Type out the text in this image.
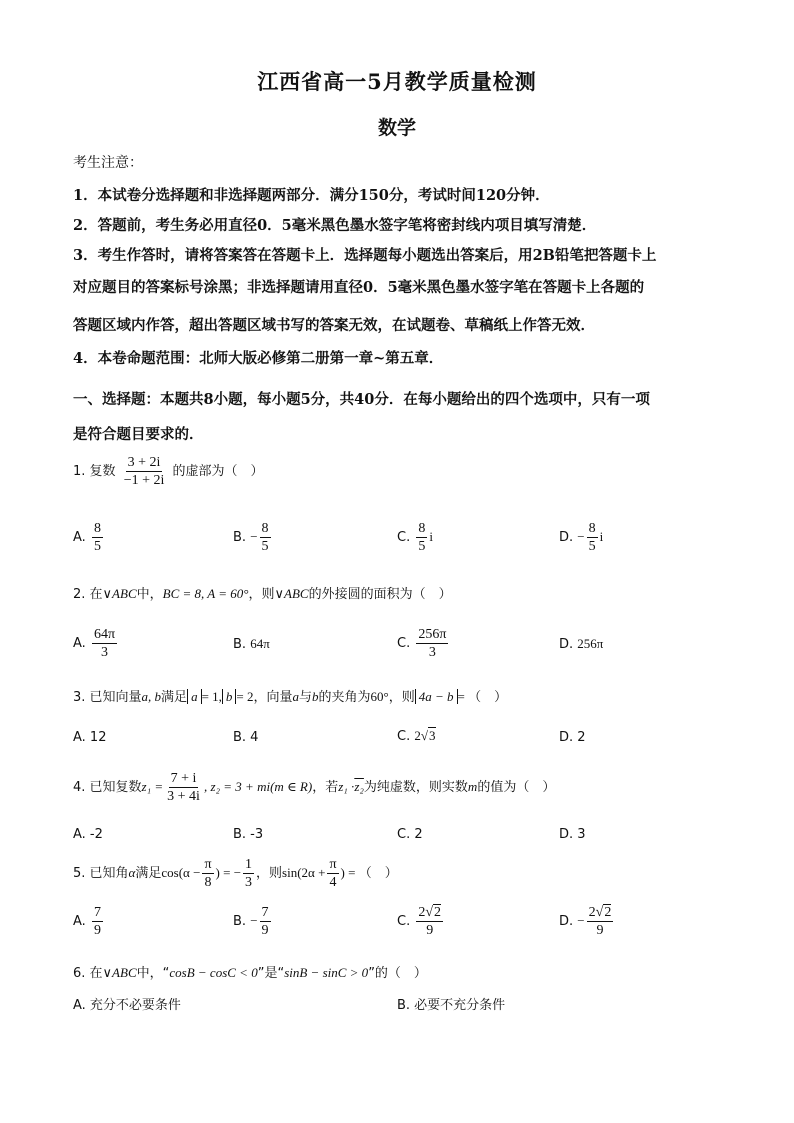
江西省高一5月教学质量检测
数学
考生注意：
1．本试卷分选择题和非选择题两部分．满分150分，考试时间120分钟．
2．答题前，考生务必用直径0．5毫米黑色墨水签字笔将密封线内项目填写清楚．
3．考生作答时，请将答案答在答题卡上．选择题每小题选出答案后，用2B铅笔把答题卡上
对应题目的答案标号涂黑；非选择题请用直径0．5毫米黑色墨水签字笔在答题卡上各题的
答题区域内作答，超出答题区域书写的答案无效，在试题卷、草稿纸上作答无效．
4．本卷命题范围：北师大版必修第二册第一章~第五章．
一、选择题：本题共8小题，每小题5分，共40分．在每小题给出的四个选项中，只有一项
是符合题目要求的．
1. 复数 $\frac{3 + 2i}{-1 + 2i}$ 的虚部为（　）
A. $\frac{8}{5}$	B. − $\frac{8}{5}$	C. $\frac{8}{5}$ i	D. − $\frac{8}{5}$ i
2. 在∨ABC中，BC = 8, A = 60°，则∨ABC的外接圆的面积为（　）
A. $\frac{64\pi}{3}$	B. 64π	C. $\frac{256\pi}{3}$	D. 256π
3. 已知向量a, b满足 a = 1, b = 2，向量a与b的夹角为60°，则 4a − b = （　）
A. 12	B. 4	C. 2√3	D. 2
4. 已知复数$z_1 = \frac{7 + i}{3 + 4i}$ , z₂ = 3 + mi(m ∈ R)，若z₁ ·z₂为纯虚数，则实数m的值为（　）
A. -2	B. -3	C. 2	D. 3
5. 已知角α满足$\cos(\alpha - \frac{\pi}{8}$ ) = − $\frac{1}{3}$ ，则$\sin(2\alpha + \frac{\pi}{4}$ ) = （　）
A. $\frac{7}{9}$	B. − $\frac{7}{9}$	C. $\frac{2√2}{9}$	D. − $\frac{2√2}{9}$
6. 在∨ABC中，“cosB − cosC < 0”是“sinB − sinC > 0”的（　）
A. 充分不必要条件	B. 必要不充分条件
